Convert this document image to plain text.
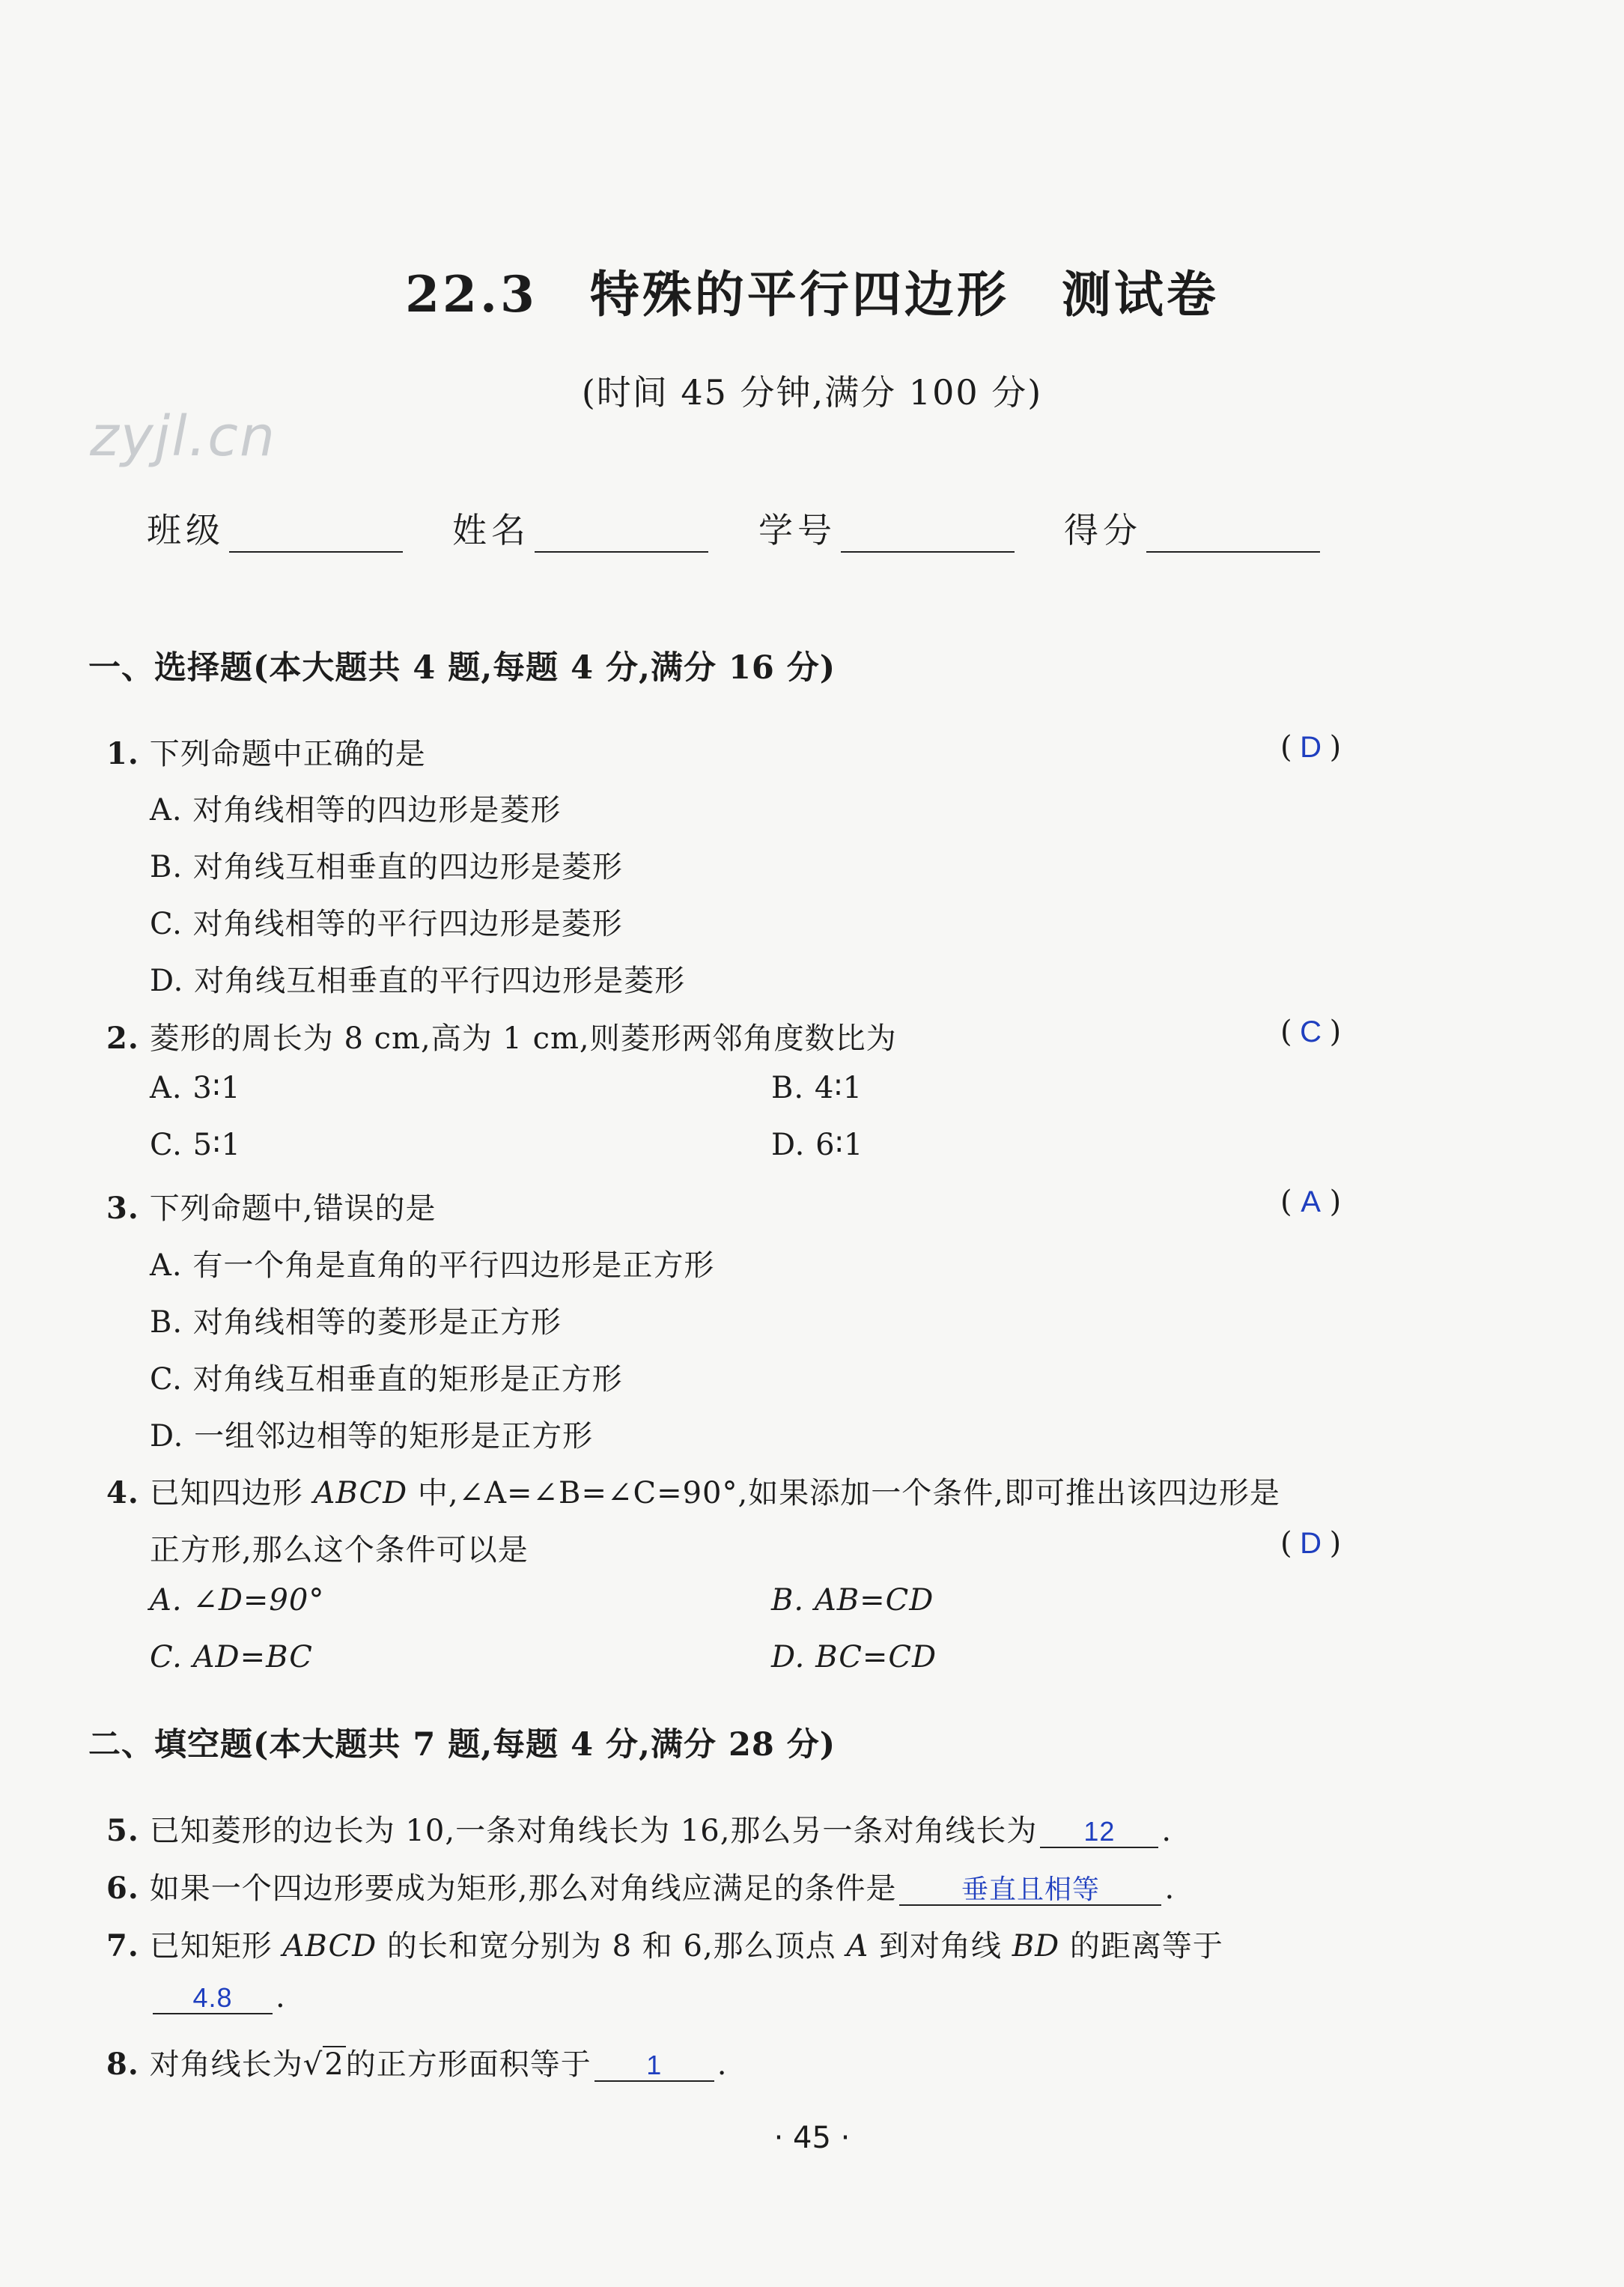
zyjl.cn
22.3　特殊的平行四边形　测试卷
(时间 45 分钟,满分 100 分)
班级	姓名	学号	得分
一、选择题(本大题共 4 题,每题 4 分,满分 16 分)
1. 下列命题中正确的是	( D )
A. 对角线相等的四边形是菱形
B. 对角线互相垂直的四边形是菱形
C. 对角线相等的平行四边形是菱形
D. 对角线互相垂直的平行四边形是菱形
2. 菱形的周长为 8 cm,高为 1 cm,则菱形两邻角度数比为	( C )
A. 3∶1	B. 4∶1
C. 5∶1	D. 6∶1
3. 下列命题中,错误的是	( A )
A. 有一个角是直角的平行四边形是正方形
B. 对角线相等的菱形是正方形
C. 对角线互相垂直的矩形是正方形
D. 一组邻边相等的矩形是正方形
4. 已知四边形 ABCD 中,∠A=∠B=∠C=90°,如果添加一个条件,即可推出该四边形是
正方形,那么这个条件可以是	( D )
A. ∠D=90°	B. AB=CD
C. AD=BC	D. BC=CD
二、填空题(本大题共 7 题,每题 4 分,满分 28 分)
5. 已知菱形的边长为 10,一条对角线长为 16,那么另一条对角线长为 12 .
6. 如果一个四边形要成为矩形,那么对角线应满足的条件是 垂直且相等 .
7. 已知矩形 ABCD 的长和宽分别为 8 和 6,那么顶点 A 到对角线 BD 的距离等于
4.8 .
8. 对角线长为√2的正方形面积等于 1 .
· 45 ·
